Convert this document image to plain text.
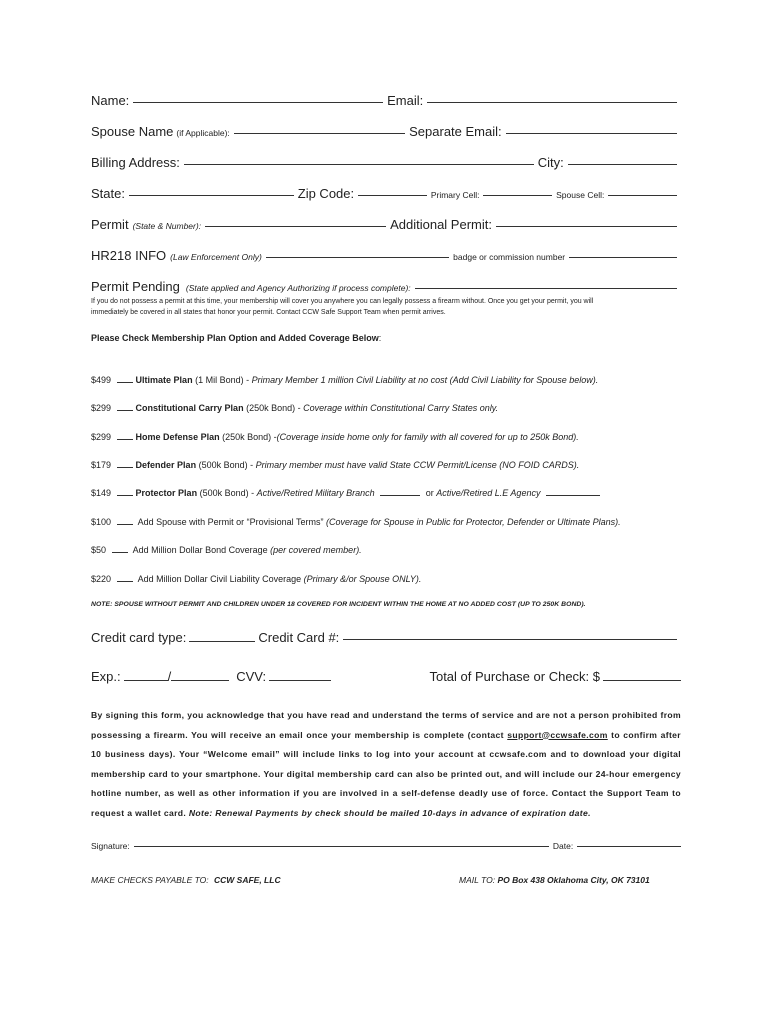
Name:	Email:
Spouse Name (if Applicable):	Separate Email:
Billing Address:	City:
State:	Zip Code:	Primary Cell:	Spouse Cell:
Permit (State & Number):	Additional Permit:
HR218 INFO (Law Enforcement Only)	badge or commission number
Permit Pending (State applied and Agency Authorizing if process complete):
If you do not possess a permit at this time, your membership will cover you anywhere you can legally possess a firearm without. Once you get your permit, you will
immediately be covered in all states that honor your permit. Contact CCW Safe Support Team when permit arrives.
Please Check Membership Plan Option and Added Coverage Below:
$499	Ultimate Plan (1 Mil Bond) - Primary Member 1 million Civil Liability at no cost (Add Civil Liability for Spouse below).
$299	Constitutional Carry Plan (250k Bond) - Coverage within Constitutional Carry States only.
$299	Home Defense Plan (250k Bond) -(Coverage inside home only for family with all covered for up to 250k Bond).
$179	Defender Plan (500k Bond) - Primary member must have valid State CCW Permit/License (NO FOID CARDS).
$149	Protector Plan (500k Bond) - Active/Retired Military Branch	or Active/Retired L.E Agency
$100	Add Spouse with Permit or “Provisional Terms” (Coverage for Spouse in Public for Protector, Defender or Ultimate Plans).
$50	Add Million Dollar Bond Coverage (per covered member).
$220	Add Million Dollar Civil Liability Coverage (Primary &/or Spouse ONLY).
NOTE: SPOUSE WITHOUT PERMIT AND CHILDREN UNDER 18 COVERED FOR INCIDENT WITHIN THE HOME AT NO ADDED COST (UP TO 250K BOND).
Credit card type:	Credit Card #:
Exp.:	/	CVV:	Total of Purchase or Check: $
By signing this form, you acknowledge that you have read and understand the terms of service and are not a person prohibited from possessing a firearm. You will receive an email once your membership is complete (contact support@ccwsafe.com to confirm after 10 business days). Your “Welcome email” will include links to log into your account at ccwsafe.com and to download your digital membership card to your smartphone. Your digital membership card can also be printed out, and will include our 24-hour emergency hotline number, as well as other information if you are involved in a self-defense deadly use of force. Contact the Support Team to request a wallet card. Note: Renewal Payments by check should be mailed 10-days in advance of expiration date.
Signature:	Date:
MAKE CHECKS PAYABLE TO: CCW SAFE, LLC	MAIL TO: PO Box 438 Oklahoma City, OK 73101
